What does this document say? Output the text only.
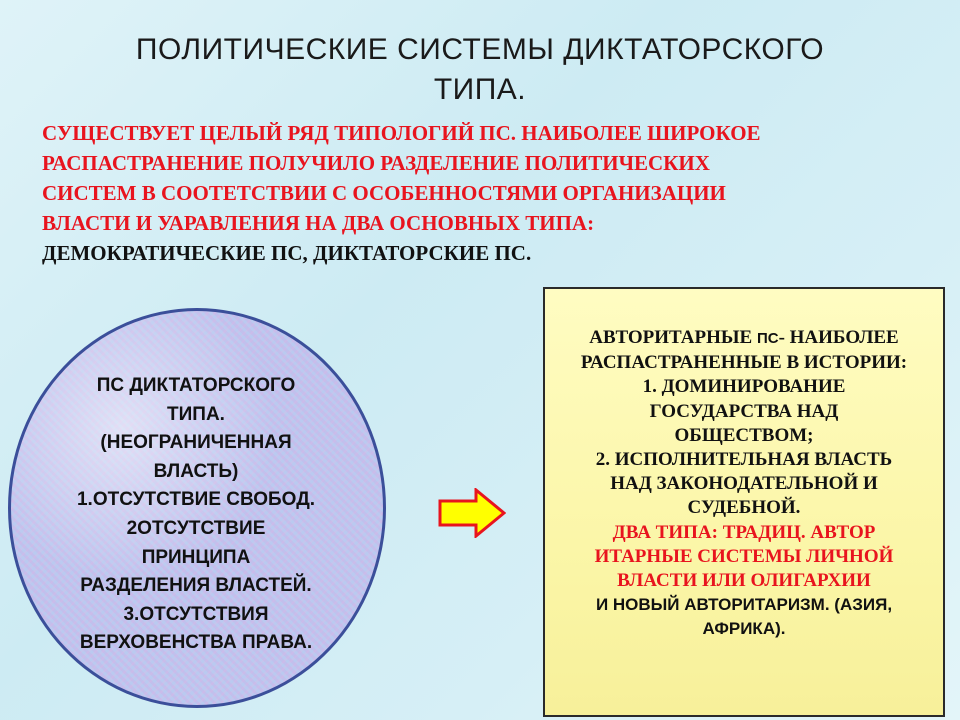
ПОЛИТИЧЕСКИЕ СИСТЕМЫ ДИКТАТОРСКОГО
ТИПА.
СУЩЕСТВУЕТ ЦЕЛЫЙ РЯД ТИПОЛОГИЙ ПС. НАИБОЛЕЕ ШИРОКОЕ
РАСПАСТРАНЕНИЕ ПОЛУЧИЛО РАЗДЕЛЕНИЕ ПОЛИТИЧЕСКИХ
СИСТЕМ В СООТЕТСТВИИ С ОСОБЕННОСТЯМИ ОРГАНИЗАЦИИ
ВЛАСТИ И УАРАВЛЕНИЯ НА ДВА ОСНОВНЫХ ТИПА:
ДЕМОКРАТИЧЕСКИЕ ПС, ДИКТАТОРСКИЕ ПС.
ПС ДИКТАТОРСКОГО
ТИПА.
(НЕОГРАНИЧЕННАЯ
ВЛАСТЬ)
1.ОТСУТСТВИЕ СВОБОД.
2ОТСУТСТВИЕ
ПРИНЦИПА
РАЗДЕЛЕНИЯ ВЛАСТЕЙ.
3.ОТСУТСТВИЯ
ВЕРХОВЕНСТВА ПРАВА.
АВТОРИТАРНЫЕ ПС- НАИБОЛЕЕ
РАСПАСТРАНЕННЫЕ В ИСТОРИИ:
1. ДОМИНИРОВАНИЕ
ГОСУДАРСТВА НАД
ОБЩЕСТВОМ;
2. ИСПОЛНИТЕЛЬНАЯ ВЛАСТЬ
НАД ЗАКОНОДАТЕЛЬНОЙ И
СУДЕБНОЙ.
ДВА ТИПА: ТРАДИЦ. АВТОР
ИТАРНЫЕ СИСТЕМЫ ЛИЧНОЙ
ВЛАСТИ ИЛИ ОЛИГАРХИИ
И НОВЫЙ АВТОРИТАРИЗМ. (АЗИЯ,
АФРИКА).
